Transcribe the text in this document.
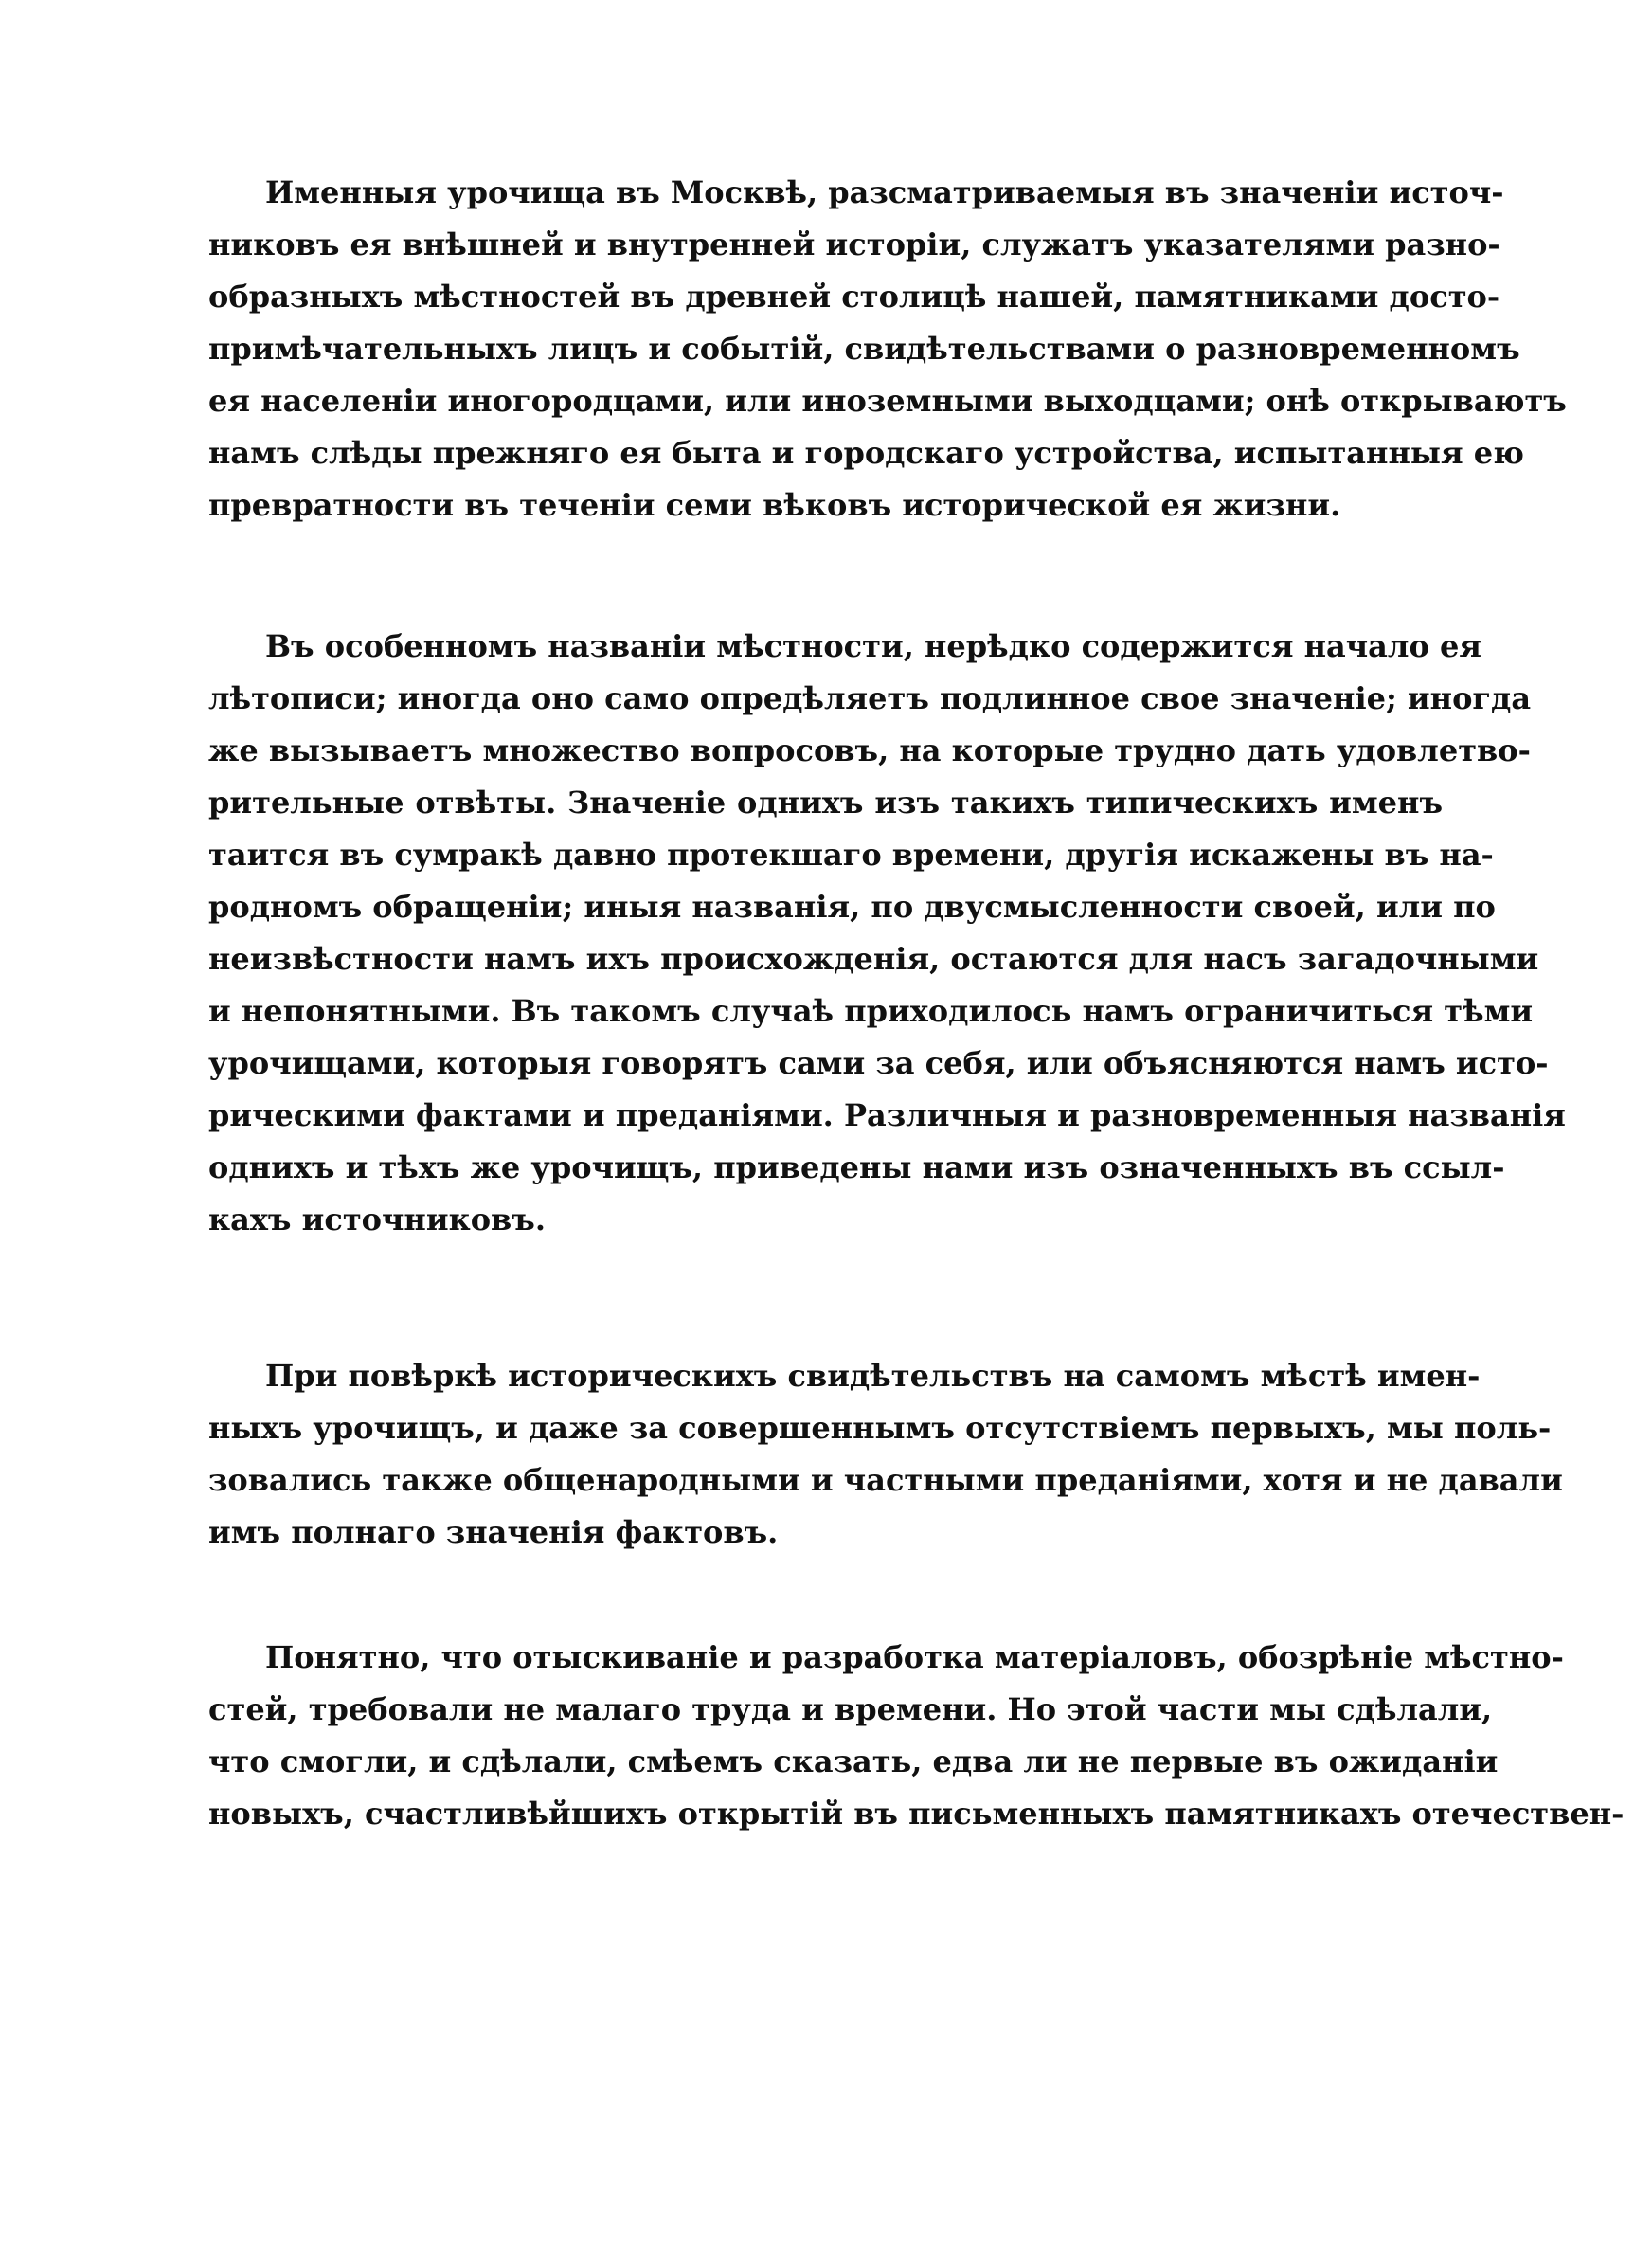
Именныя урочища въ Москвѣ, разсматриваемыя въ значеніи источ-
никовъ ея внѣшней и внутренней исторіи, служатъ указателями разно-
образныхъ мѣстностей въ древней столицѣ нашей, памятниками досто-
примѣчательныхъ лицъ и событій, свидѣтельствами о разновременномъ
ея населеніи иногородцами, или иноземными выходцами; онѣ открываютъ
намъ слѣды прежняго ея быта и городскаго устройства, испытанныя ею
превратности въ теченіи семи вѣковъ исторической ея жизни.
Въ особенномъ названіи мѣстности, нерѣдко содержится начало ея
лѣтописи; иногда оно само опредѣляетъ подлинное свое значеніе; иногда
же вызываетъ множество вопросовъ, на которые трудно дать удовлетво-
рительные отвѣты. Значеніе однихъ изъ такихъ типическихъ именъ
таится въ сумракѣ давно протекшаго времени, другія искажены въ на-
родномъ обращеніи; иныя названія, по двусмысленности своей, или по
неизвѣстности намъ ихъ происхожденія, остаются для насъ загадочными
и непонятными. Въ такомъ случаѣ приходилось намъ ограничиться тѣми
урочищами, которыя говорятъ сами за себя, или объясняются намъ исто-
рическими фактами и преданіями. Различныя и разновременныя названія
однихъ и тѣхъ же урочищъ, приведены нами изъ означенныхъ въ ссыл-
кахъ источниковъ.
При повѣркѣ историческихъ свидѣтельствъ на самомъ мѣстѣ имен-
ныхъ урочищъ, и даже за совершеннымъ отсутствіемъ первыхъ, мы поль-
зовались также общенародными и частными преданіями, хотя и не давали
имъ полнаго значенія фактовъ.
Понятно, что отыскиваніе и разработка матеріаловъ, обозрѣніе мѣстно-
стей, требовали не малаго труда и времени. Но этой части мы сдѣлали,
что смогли, и сдѣлали, смѣемъ сказать, едва ли не первые въ ожиданіи
новыхъ, счастливѣйшихъ открытій въ письменныхъ памятникахъ отечествен-
